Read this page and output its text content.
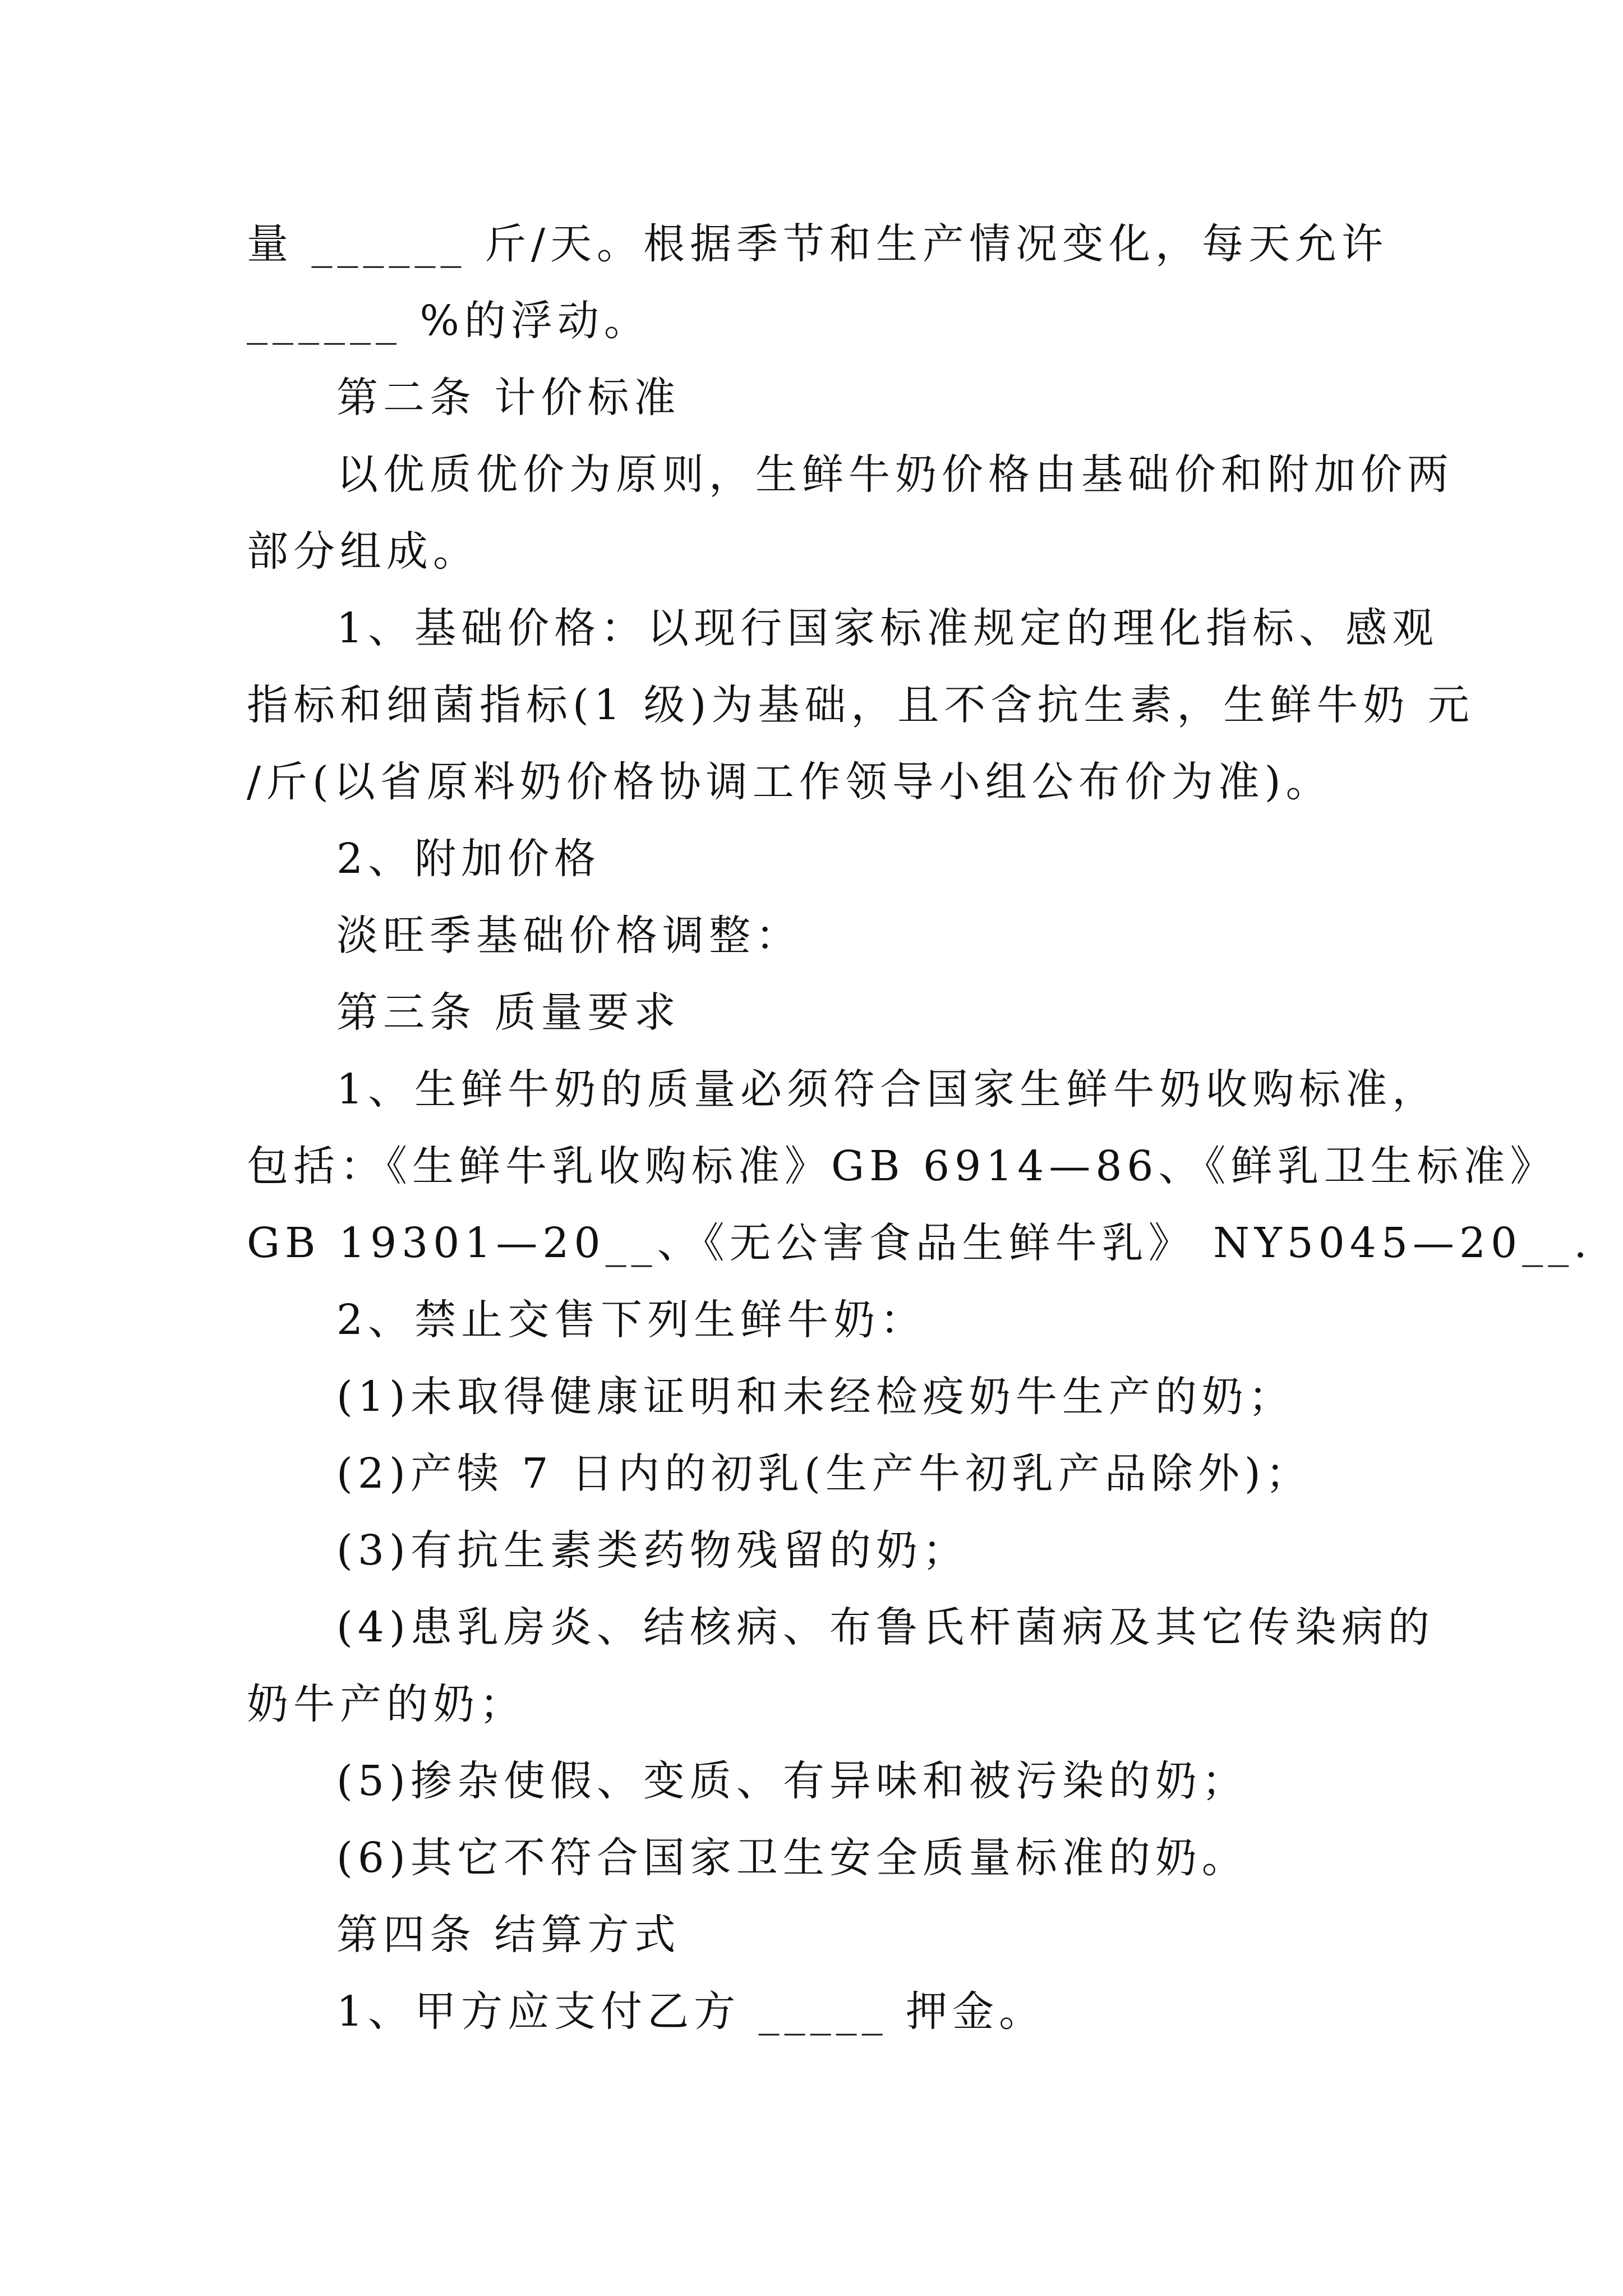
量 ______ 斤/天。根据季节和生产情况变化，每天允许
______ %的浮动。
第二条 计价标准
以优质优价为原则，生鲜牛奶价格由基础价和附加价两
部分组成。
1、基础价格：以现行国家标准规定的理化指标、感观
指标和细菌指标(1 级)为基础，且不含抗生素，生鲜牛奶 元
/斤(以省原料奶价格协调工作领导小组公布价为准)。
2、附加价格
淡旺季基础价格调整：
第三条 质量要求
1、生鲜牛奶的质量必须符合国家生鲜牛奶收购标准，
包括：《生鲜牛乳收购标准》GB 6914—86、《鲜乳卫生标准》
GB 19301—20__、《无公害食品生鲜牛乳》 NY5045—20__.
2、禁止交售下列生鲜牛奶：
(1)未取得健康证明和未经检疫奶牛生产的奶；
(2)产犊 7 日内的初乳(生产牛初乳产品除外)；
(3)有抗生素类药物残留的奶；
(4)患乳房炎、结核病、布鲁氏杆菌病及其它传染病的
奶牛产的奶；
(5)掺杂使假、变质、有异味和被污染的奶；
(6)其它不符合国家卫生安全质量标准的奶。
第四条 结算方式
1、甲方应支付乙方 _____ 押金。
